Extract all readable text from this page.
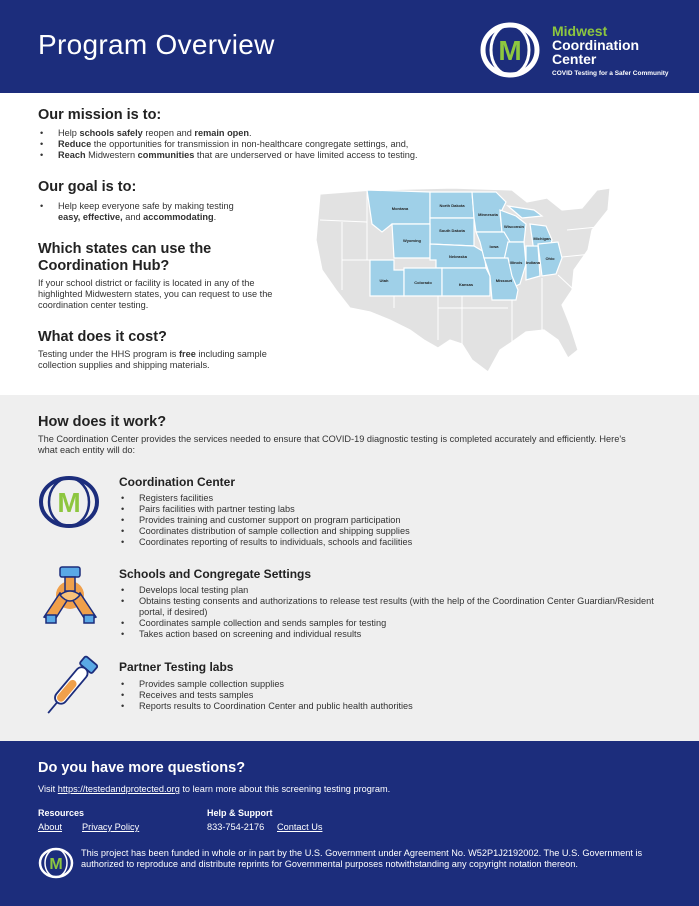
Program Overview	M
Midwest
Coordination
Center
COVID Testing for a Safer Community
Our mission is to:
• Help schools safely reopen and remain open.
• Reduce the opportunities for transmission in non-healthcare congregate settings, and,
• Reach Midwestern communities that are underserved or have limited access to testing.
Our goal is to:
• Help keep everyone safe by making testing
easy, effective, and accommodating.
Which states can use the
Coordination Hub?

If your school district or facility is located in any of the highlighted Midwestern states, you can request to use the coordination center testing.

What does it cost?

Testing under the HHS program is free including sample collection supplies and shipping materials.

Montana
North Dakota
South Dakota
Minnesota
Wisconsin
Michigan
Wyoming
Nebraska
Iowa
Illinois Indiana
Ohio
Utah	Colorado	Kansas
Missouri
How does it work?

The Coordination Center provides the services needed to ensure that COVID-19 diagnostic testing is completed accurately and efficiently. Here's what each entity will do:

M
Coordination Center
• Registers facilities
• Pairs facilities with partner testing labs
• Provides training and customer support on program participation
• Coordinates distribution of sample collection and shipping supplies
• Coordinates reporting of results to individuals, schools and facilities
Schools and Congregate Settings
• Develops local testing plan
• Obtains testing consents and authorizations to release test results (with the help of the Coordination Center Guardian/Resident portal, if desired)
• Coordinates sample collection and sends samples for testing
• Takes action based on screening and individual results
Partner Testing labs
• Provides sample collection supplies
• Receives and tests samples
• Reports results to Coordination Center and public health authorities
Do you have more questions?

Visit https://testedandprotected.org to learn more about this screening testing program.

Resources
About Privacy Policy
Help & Support
833-754-2176 Contact Us
M

This project has been funded in whole or in part by the U.S. Government under Agreement No. W52P1J2192002. The U.S. Government is authorized to reproduce and distribute reprints for Governmental purposes notwithstanding any copyright notation thereon.
